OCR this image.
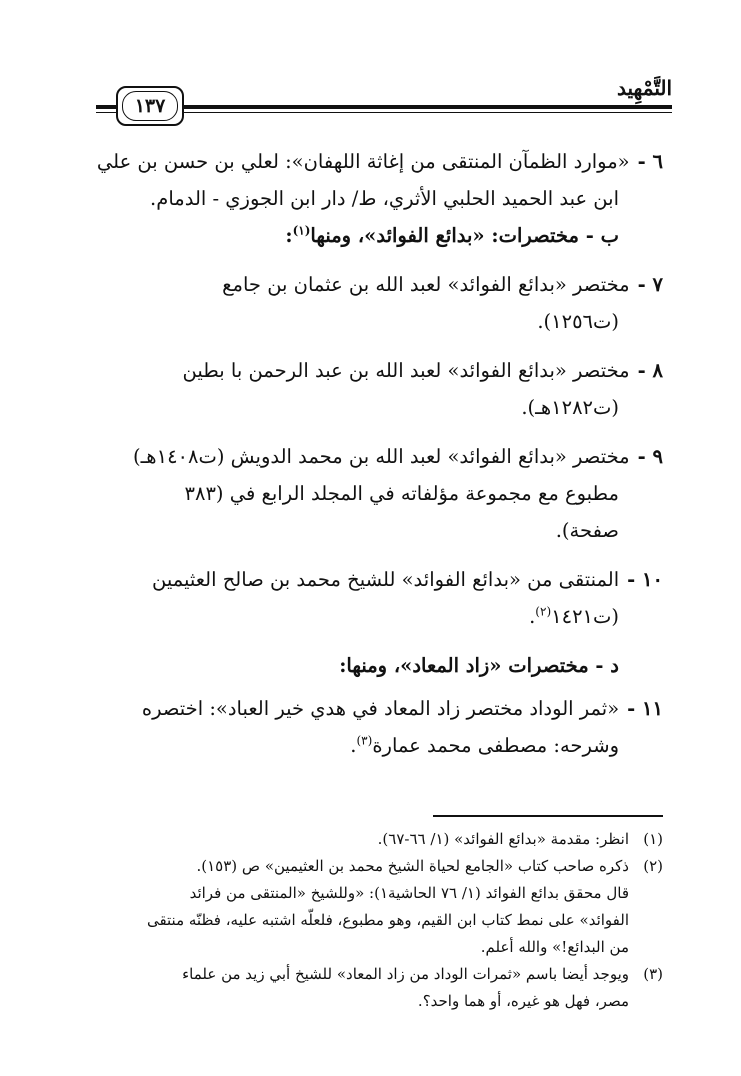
التَّمْهِيد
١٣٧

٦ -«موارد الظمآن المنتقى من إغاثة اللهفان»: لعلي بن حسن بن علي
ابن عبد الحميد الحلبي الأثري، ط/ دار ابن الجوزي - الدمام.

ب - مختصرات: «بدائع الفوائد»، ومنها$^{(١)}$:

٧ -مختصر «بدائع الفوائد» لعبد الله بن عثمان بن جامع
(ت١٢٥٦).

٨ -مختصر «بدائع الفوائد» لعبد الله بن عبد الرحمن با بطين
(ت١٢٨٢هـ).

٩ -مختصر «بدائع الفوائد» لعبد الله بن محمد الدويش (ت١٤٠٨هـ)
مطبوع مع مجموعة مؤلفاته في المجلد الرابع في (٣٨٣
صفحة).

١٠ -المنتقى من «بدائع الفوائد» للشيخ محمد بن صالح العثيمين
(ت١٤٢١$^{(٢)}$.

د - مختصرات «زاد المعاد»، ومنها:

١١ -«ثمر الوداد مختصر زاد المعاد في هدي خير العباد»: اختصره
وشرحه: مصطفى محمد عمارة$^{(٣)}$.

(١)انظر: مقدمة «بدائع الفوائد» (١/ ٦٦-٦٧).

(٢)ذكره صاحب كتاب «الجامع لحياة الشيخ محمد بن العثيمين» ص (١٥٣).
قال محقق بدائع الفوائد (١/ ٧٦ الحاشية١): «وللشيخ «المنتقى من فرائد
الفوائد» على نمط كتاب ابن القيم، وهو مطبوع، فلعلّه اشتبه عليه، فظنّه منتقى
من البدائع!» والله أعلم.

(٣)ويوجد أيضا باسم «ثمرات الوداد من زاد المعاد» للشيخ أبي زيد من علماء
مصر، فهل هو غيره، أو هما واحد؟.
